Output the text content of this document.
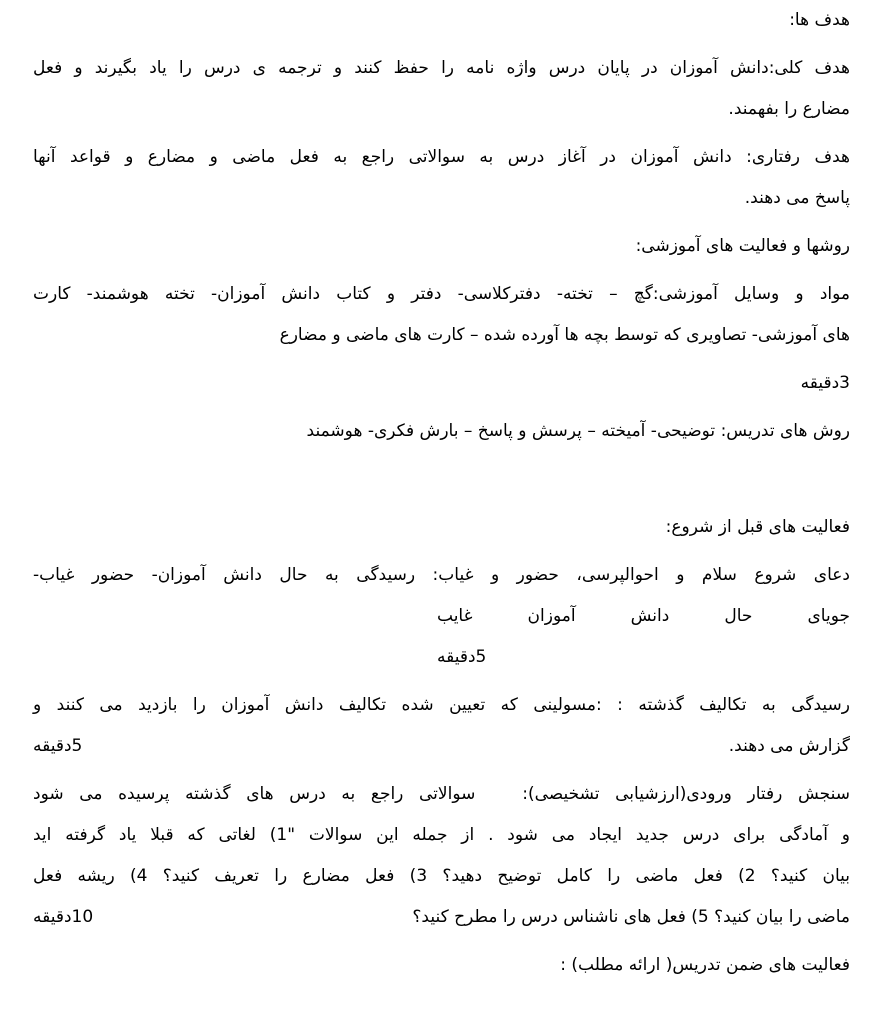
هدف ها:
هدف کلی:دانش آموزان در پایان درس واژه نامه را حفظ کنند و ترجمه ی درس را یاد بگیرند و فعل
مضارع را بفهمند.
هدف رفتاری: دانش آموزان در آغاز درس به سوالاتی راجع به فعل ماضی و مضارع و قواعد آنها
پاسخ می دهند.
روشها و فعالیت های آموزشی:
مواد و وسایل آموزشی:گچ – تخته- دفترکلاسی- دفتر و کتاب دانش آموزان- تخته هوشمند- کارت
های آموزشی- تصاویری که توسط بچه ها آورده شده – کارت های ماضی و مضارع
3دقیقه
روش های تدریس: توضیحی- آمیخته – پرسش و پاسخ – بارش فکری- هوشمند
فعالیت های قبل از شروع:
دعای شروع سلام و احوالپرسی، حضور و غیاب: رسیدگی به حال دانش آموزان- حضور غیاب-
جویای حال دانش آموزان غایب
5دقیقه
رسیدگی به تکالیف گذشته : :مسولینی که تعیین شده تکالیف دانش آموزان را بازدید می کنند و
گزارش می دهند.
5دقیقه
سنجش رفتار ورودی(ارزشیابی تشخیصی):   سوالاتی راجع به درس های گذشته پرسیده می شود
و آمادگی برای درس جدید ایجاد می شود . از جمله این سوالات "1) لغاتی که قبلا یاد گرفته اید
بیان کنید؟ 2) فعل ماضی را کامل توضیح دهید؟ 3) فعل مضارع را تعریف کنید؟ 4) ریشه فعل
ماضی را بیان کنید؟ 5) فعل های ناشناس درس را مطرح کنید؟
10دقیقه
فعالیت های ضمن تدریس( ارائه مطلب) :
